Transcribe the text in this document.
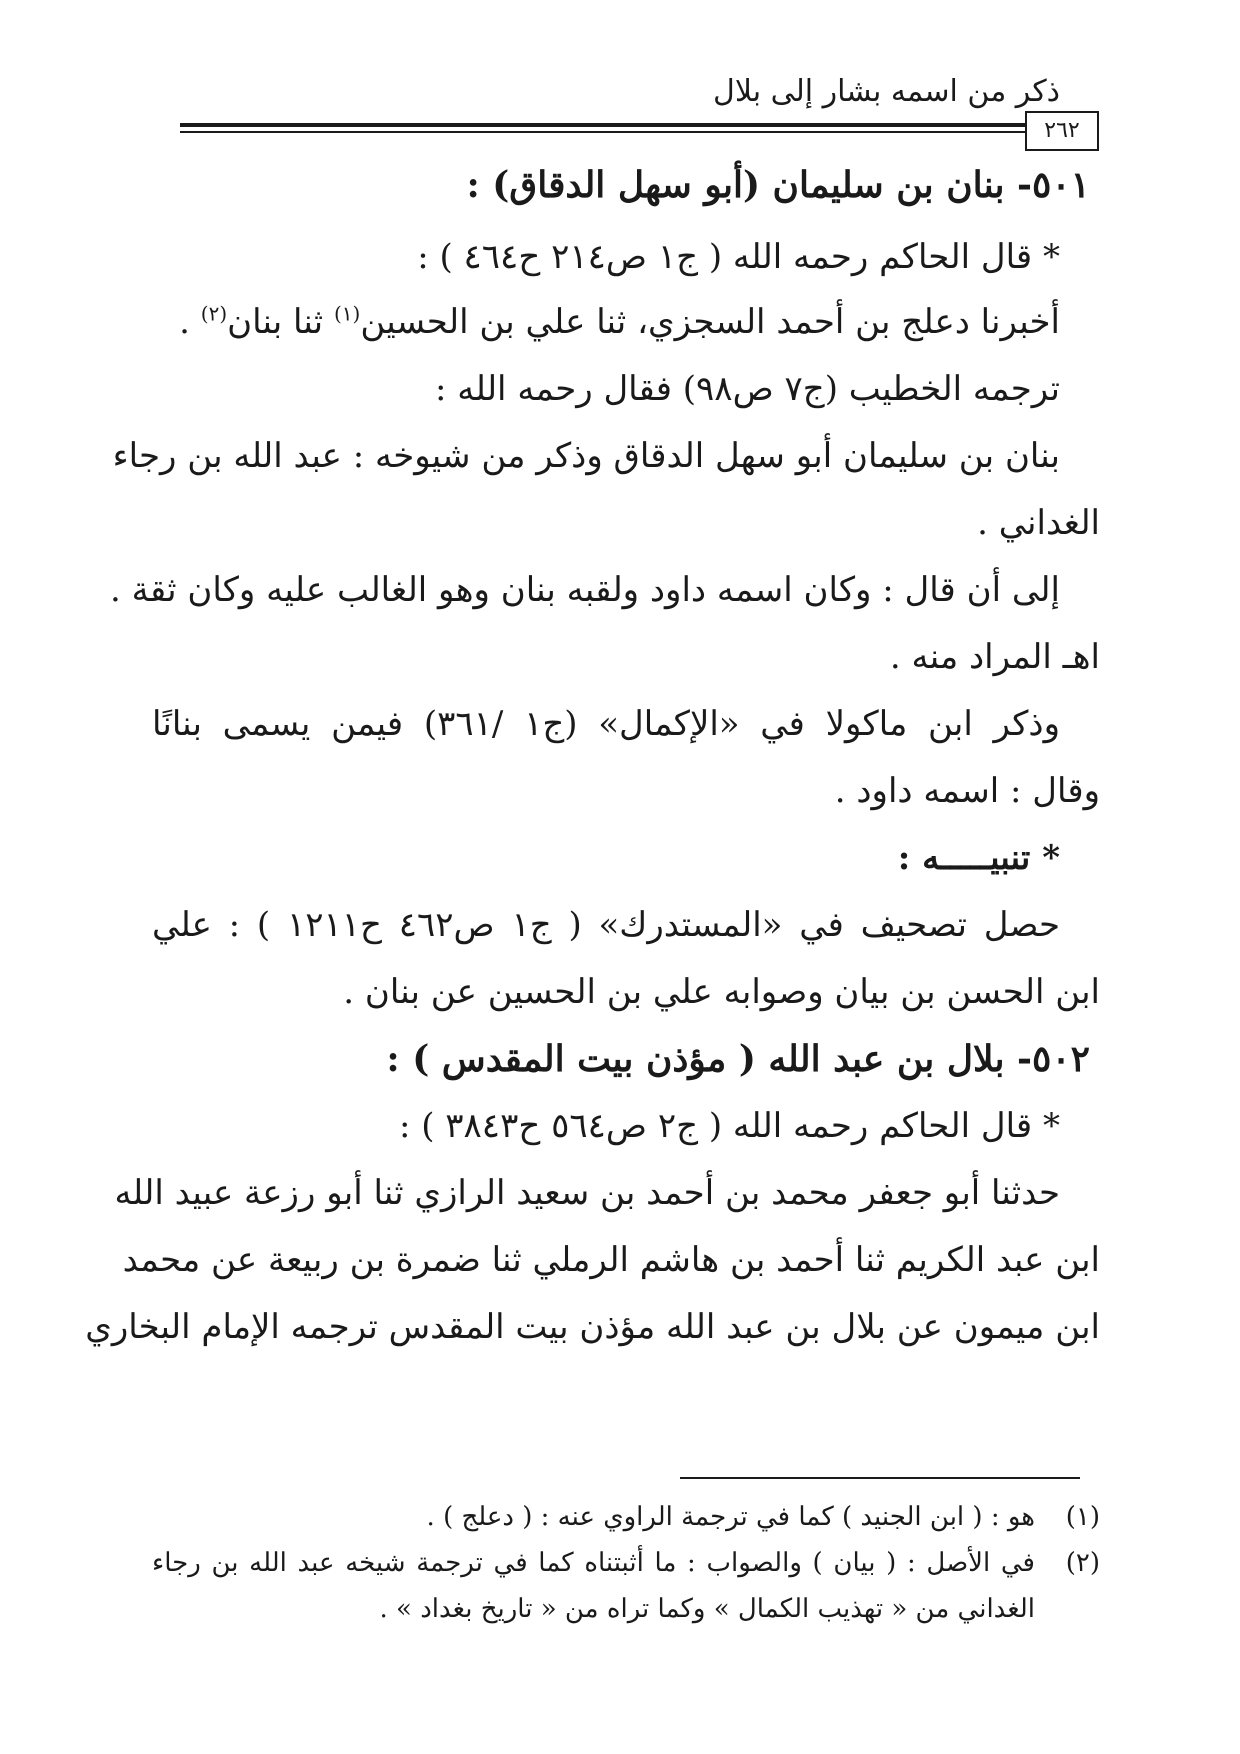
ذكر من اسمه بشار إلى بلال
٢٦٢
٥٠١- بنان بن سليمان (أبو سهل الدقاق) :
* قال الحاكم رحمه الله ( ج١ ص٢١٤ ح٤٦٤ ) :
أخبرنا دعلج بن أحمد السجزي، ثنا علي بن الحسين$^{(١)}$ ثنا بنان$^{(٢)}$ .
ترجمه الخطيب (ج٧ ص٩٨) فقال رحمه الله :
بنان بن سليمان أبو سهل الدقاق وذكر من شيوخه : عبد الله بن رجاء
الغداني .
إلى أن قال : وكان اسمه داود ولقبه بنان وهو الغالب عليه وكان ثقة .
اهـ المراد منه .
وذكر ابن ماكولا في «الإكمال» (ج١ /٣٦١) فيمن يسمى بنانًا
وقال : اسمه داود .
* تنبيـــــه :
حصل تصحيف في «المستدرك» ( ج١ ص٤٦٢ ح١٢١١ ) : علي
ابن الحسن بن بيان وصوابه علي بن الحسين عن بنان .
٥٠٢- بلال بن عبد الله ( مؤذن بيت المقدس ) :
* قال الحاكم رحمه الله ( ج٢ ص٥٦٤ ح٣٨٤٣ ) :
حدثنا أبو جعفر محمد بن أحمد بن سعيد الرازي ثنا أبو رزعة عبيد الله
ابن عبد الكريم ثنا أحمد بن هاشم الرملي ثنا ضمرة بن ربيعة عن محمد
ابن ميمون عن بلال بن عبد الله مؤذن بيت المقدس ترجمه الإمام البخاري
(١)
هو : ( ابن الجنيد ) كما في ترجمة الراوي عنه : ( دعلج ) .
(٢)
في الأصل : ( بيان ) والصواب : ما أثبتناه كما في ترجمة شيخه عبد الله بن رجاء
الغداني من « تهذيب الكمال » وكما تراه من « تاريخ بغداد » .
